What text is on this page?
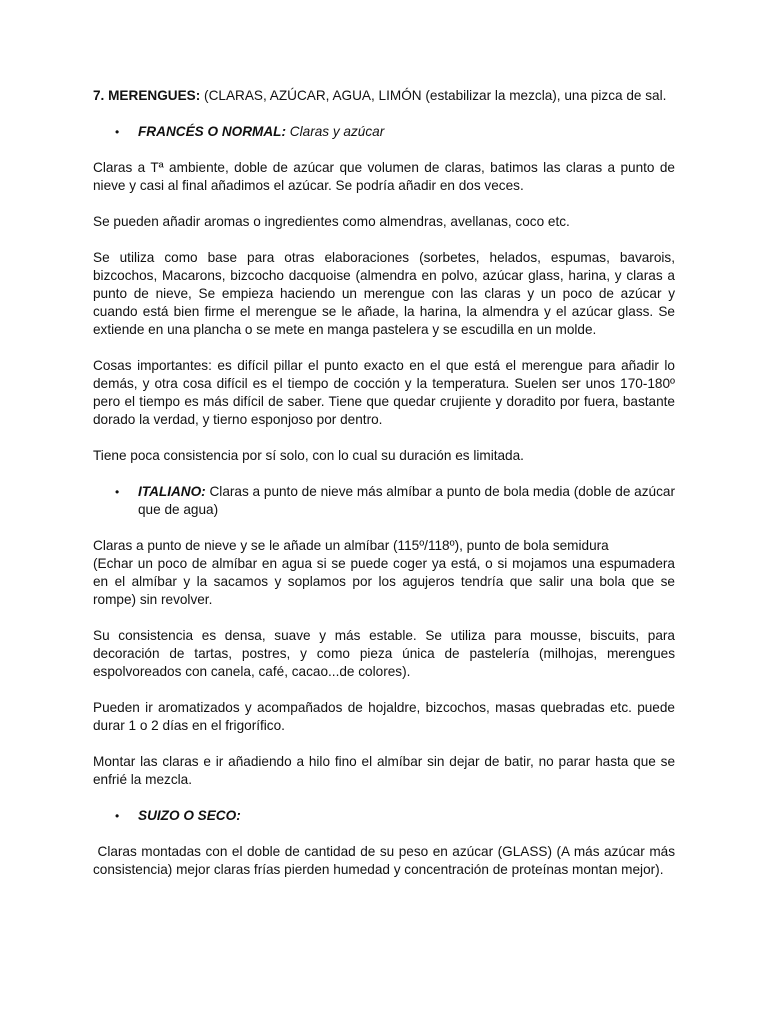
7. MERENGUES: (CLARAS, AZÚCAR, AGUA, LIMÓN (estabilizar la mezcla), una pizca de sal.

• FRANCÉS O NORMAL: Claras y azúcar

Claras a Tª ambiente, doble de azúcar que volumen de claras, batimos las claras a punto de nieve y casi al final añadimos el azúcar. Se podría añadir en dos veces.

Se pueden añadir aromas o ingredientes como almendras, avellanas, coco etc.

Se utiliza como base para otras elaboraciones (sorbetes, helados, espumas, bavarois, bizcochos, Macarons, bizcocho dacquoise (almendra en polvo, azúcar glass, harina, y claras a punto de nieve, Se empieza haciendo un merengue con las claras y un poco de azúcar y cuando está bien firme el merengue se le añade, la harina, la almendra y el azúcar glass. Se extiende en una plancha o se mete en manga pastelera y se escudilla en un molde.

Cosas importantes: es difícil pillar el punto exacto en el que está el merengue para añadir lo demás, y otra cosa difícil es el tiempo de cocción y la temperatura. Suelen ser unos 170-180º pero el tiempo es más difícil de saber. Tiene que quedar crujiente y doradito por fuera, bastante dorado la verdad, y tierno esponjoso por dentro.

Tiene poca consistencia por sí solo, con lo cual su duración es limitada.

• ITALIANO: Claras a punto de nieve más almíbar a punto de bola media (doble de azúcar que de agua)

Claras a punto de nieve y se le añade un almíbar (115º/118º), punto de bola semidura

(Echar un poco de almíbar en agua si se puede coger ya está, o si mojamos una espumadera en el almíbar y la sacamos y soplamos por los agujeros tendría que salir una bola que se rompe) sin revolver.

Su consistencia es densa, suave y más estable. Se utiliza para mousse, biscuits, para decoración de tartas, postres, y como pieza única de pastelería (milhojas, merengues espolvoreados con canela, café, cacao...de colores).

Pueden ir aromatizados y acompañados de hojaldre, bizcochos, masas quebradas etc. puede durar 1 o 2 días en el frigorífico.

Montar las claras e ir añadiendo a hilo fino el almíbar sin dejar de batir, no parar hasta que se enfrié la mezcla.

• SUIZO O SECO:

Claras montadas con el doble de cantidad de su peso en azúcar (GLASS) (A más azúcar más consistencia) mejor claras frías pierden humedad y concentración de proteínas montan mejor).
